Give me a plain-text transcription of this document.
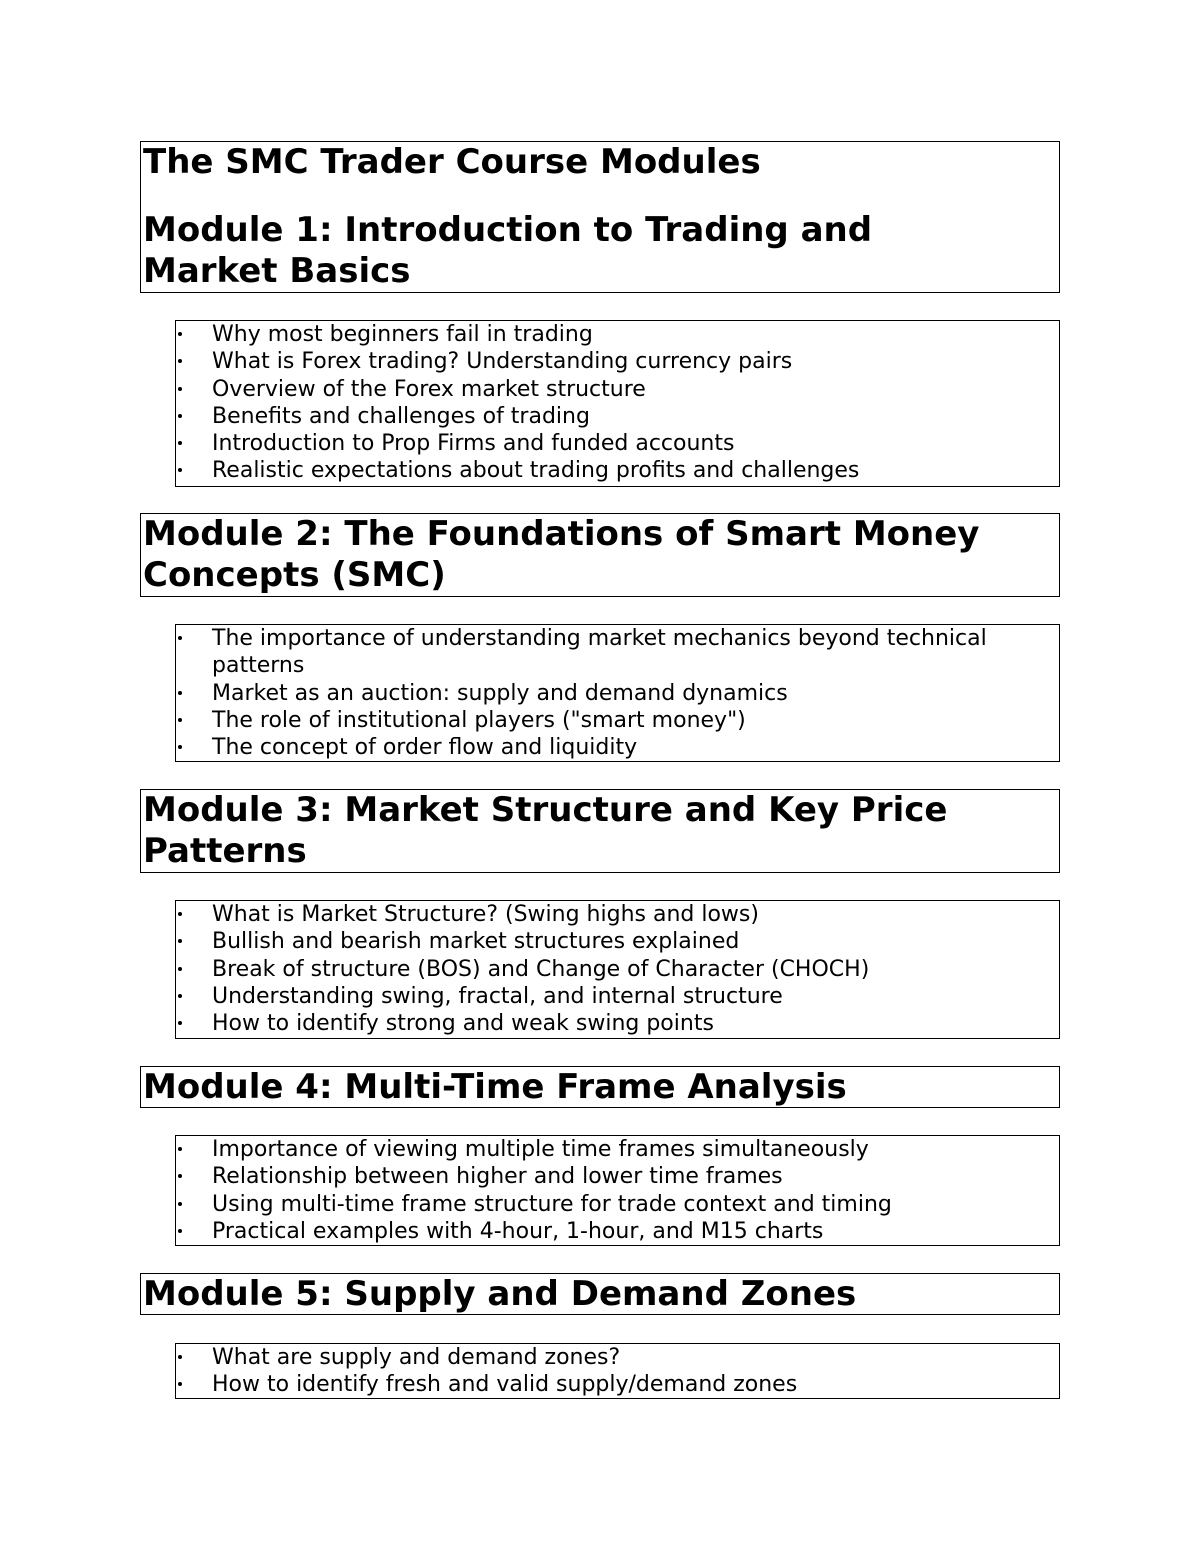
The SMC Trader Course Modules

Module 1: Introduction to Trading and

Market Basics

Why most beginners fail in trading
What is Forex trading? Understanding currency pairs
Overview of the Forex market structure
Benefits and challenges of trading
Introduction to Prop Firms and funded accounts
Realistic expectations about trading profits and challenges

Module 2: The Foundations of Smart Money

Concepts (SMC)

The importance of understanding market mechanics beyond technical
patterns
Market as an auction: supply and demand dynamics
The role of institutional players ("smart money")
The concept of order flow and liquidity

Module 3: Market Structure and Key Price

Patterns

What is Market Structure? (Swing highs and lows)
Bullish and bearish market structures explained
Break of structure (BOS) and Change of Character (CHOCH)
Understanding swing, fractal, and internal structure
How to identify strong and weak swing points

Module 4: Multi-Time Frame Analysis

Importance of viewing multiple time frames simultaneously
Relationship between higher and lower time frames
Using multi-time frame structure for trade context and timing
Practical examples with 4-hour, 1-hour, and M15 charts

Module 5: Supply and Demand Zones

What are supply and demand zones?
How to identify fresh and valid supply/demand zones
